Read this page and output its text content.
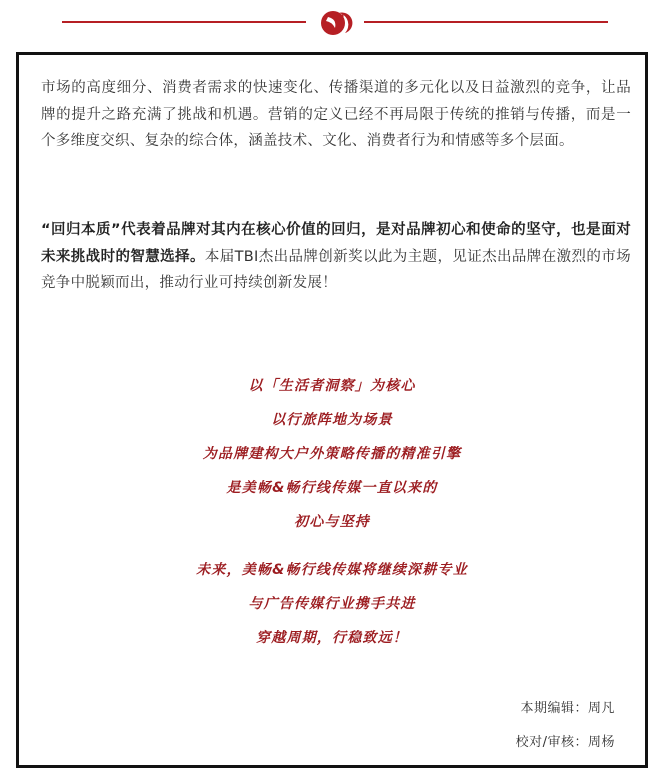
市场的高度细分、消费者需求的快速变化、传播渠道的多元化以及日益激烈的竞争，让品牌的提升之路充满了挑战和机遇。营销的定义已经不再局限于传统的推销与传播，而是一个多维度交织、复杂的综合体，涵盖技术、文化、消费者行为和情感等多个层面。

“回归本质”代表着品牌对其内在核心价值的回归，是对品牌初心和使命的坚守，也是面对未来挑战时的智慧选择。本届TBI杰出品牌创新奖以此为主题，见证杰出品牌在激烈的市场竞争中脱颖而出，推动行业可持续创新发展！

以「生活者洞察」为核心

以行旅阵地为场景

为品牌建构大户外策略传播的精准引擎

是美畅&畅行线传媒一直以来的

初心与坚持

未来，美畅&畅行线传媒将继续深耕专业

与广告传媒行业携手共进

穿越周期，行稳致远！

本期编辑：周凡

校对/审核：周杨
